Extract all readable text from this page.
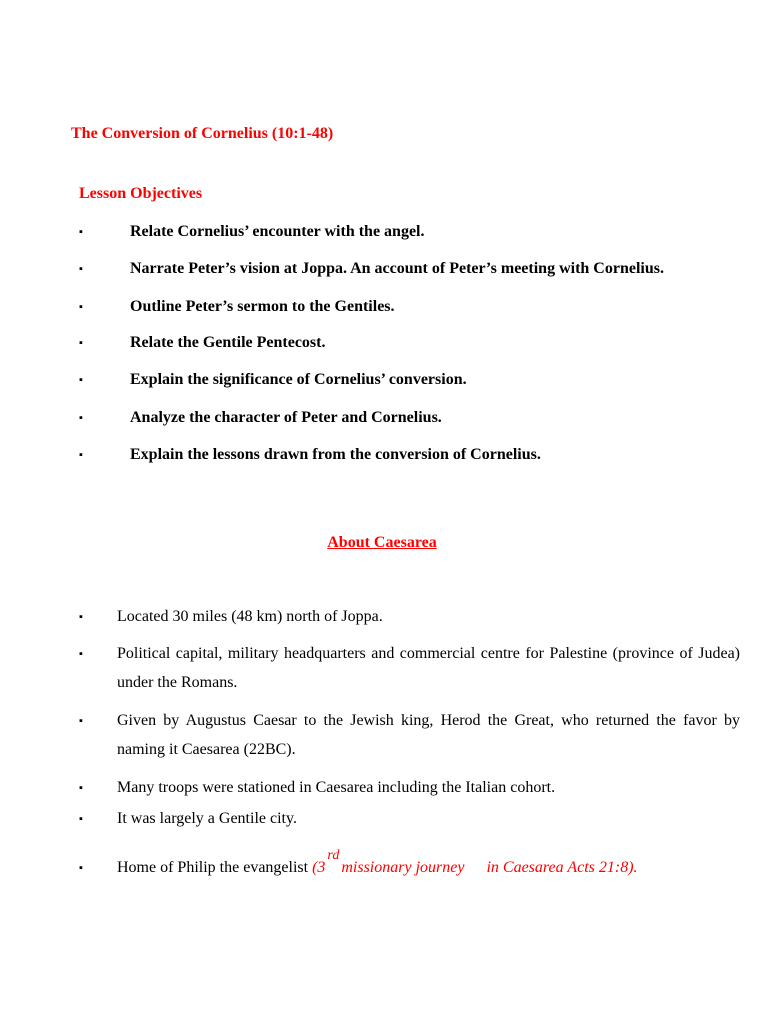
The Conversion of Cornelius (10:1-48)
Lesson Objectives
▪	Relate Cornelius’ encounter with the angel.
▪	Narrate Peter’s vision at Joppa. An account of Peter’s meeting with Cornelius.
▪	Outline Peter’s sermon to the Gentiles.
▪	Relate the Gentile Pentecost.
▪	Explain the significance of Cornelius’ conversion.
▪	Analyze the character of Peter and Cornelius.
▪	Explain the lessons drawn from the conversion of Cornelius.
About Caesarea
▪ Located 30 miles (48 km) north of Joppa.
▪ Political capital, military headquarters and commercial centre for Palestine (province of Judea) under the Romans.
▪ Given by Augustus Caesar to the Jewish king, Herod the Great, who returned the favor by naming it Caesarea (22BC).
▪ Many troops were stationed in Caesarea including the Italian cohort.
▪ It was largely a Gentile city.
▪ Home of Philip the evangelist (3rdmissionary journey in Caesarea Acts 21:8).
